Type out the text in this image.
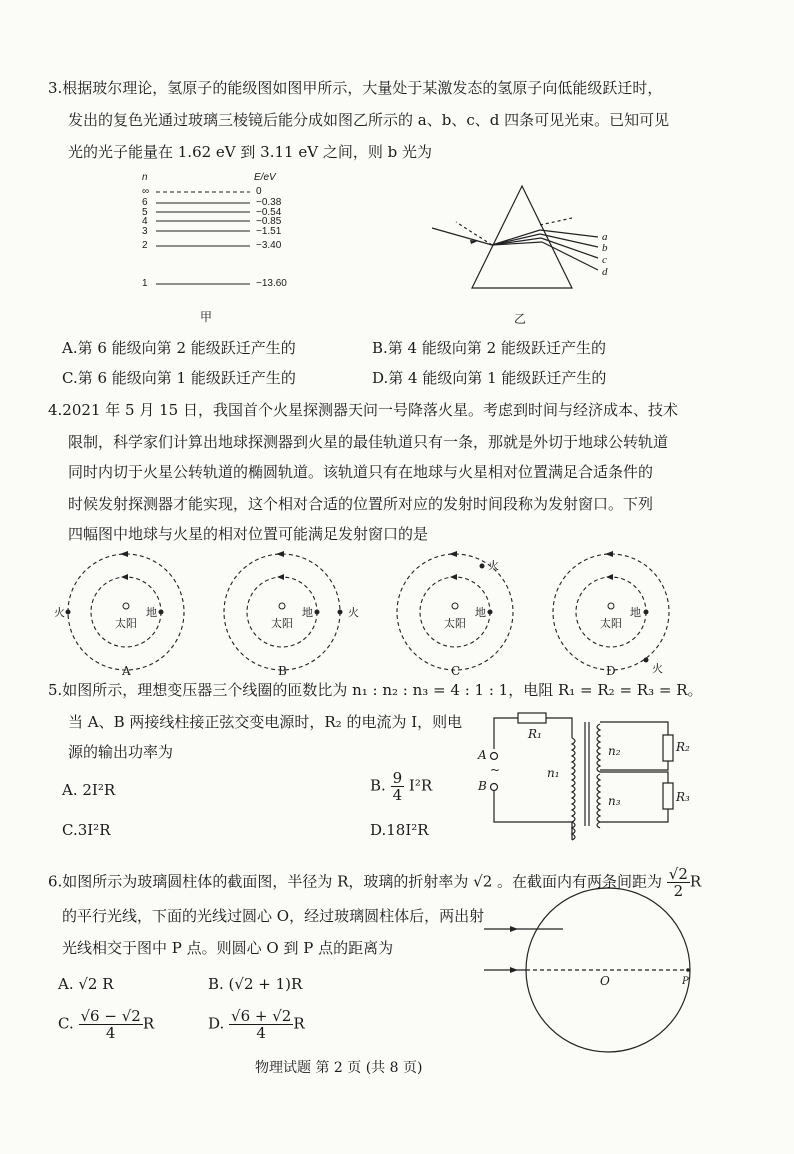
3.根据玻尔理论，氢原子的能级图如图甲所示，大量处于某激发态的氢原子向低能级跃迁时，
发出的复色光通过玻璃三棱镜后能分成如图乙所示的 a、b、c、d 四条可见光束。已知可见
光的光子能量在 1.62 eV 到 3.11 eV 之间，则 b 光为
n	E/eV
∞
6
5
4
3
2
1
0
−0.38
−0.54
−0.85
−1.51
−3.40
−13.60
甲
a
b
c
d
乙
A.第 6 能级向第 2 能级跃迁产生的	B.第 4 能级向第 2 能级跃迁产生的
C.第 6 能级向第 1 能级跃迁产生的	D.第 4 能级向第 1 能级跃迁产生的
4.2021 年 5 月 15 日，我国首个火星探测器天问一号降落火星。考虑到时间与经济成本、技术
限制，科学家们计算出地球探测器到火星的最佳轨道只有一条，那就是外切于地球公转轨道
同时内切于火星公转轨道的椭圆轨道。该轨道只有在地球与火星相对位置满足合适条件的
时候发射探测器才能实现，这个相对合适的位置所对应的发射时间段称为发射窗口。下列
四幅图中地球与火星的相对位置可能满足发射窗口的是
太阳
地
火
A
太阳
地	火
B
太阳
地
火
C
太阳
地
火
D
5.如图所示，理想变压器三个线圈的匝数比为 n₁ : n₂ : n₃ = 4 : 1 : 1，电阻 R₁ = R₂ = R₃ = R。
当 A、B 两接线柱接正弦交变电源时，R₂ 的电流为 I，则电
源的输出功率为
R₁
A
~
B
n₁
n₂
n₃
R₂
R₃
A. 2I²R	B. $\frac{9}{4} I^2R$
C.3I²R	D.18I²R
6.如图所示为玻璃圆柱体的截面图，半径为 R，玻璃的折射率为 √2 。在截面内有两条间距为 $\frac{√2}{2}$ R
的平行光线，下面的光线过圆心 O，经过玻璃圆柱体后，两出射
光线相交于图中 P 点。则圆心 O 到 P 点的距离为
O	P
A. √2 R	B. (√2 + 1)R
C. $\frac{√6 - √2}{4}$ R	D. $\frac{√6 + √2}{4}$ R
物理试题 第 2 页 (共 8 页)
